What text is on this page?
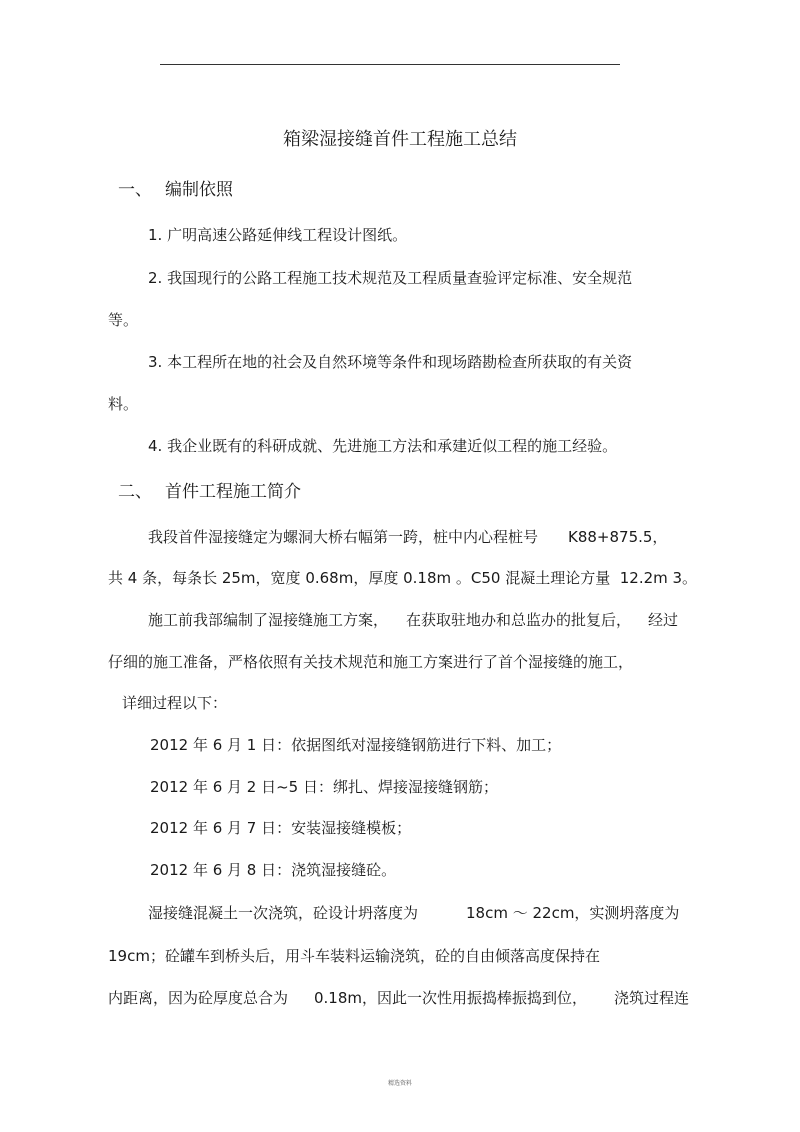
箱梁湿接缝首件工程施工总结
一、 编制依照
1. 广明高速公路延伸线工程设计图纸。
2. 我国现行的公路工程施工技术规范及工程质量查验评定标准、安全规范
等。
3. 本工程所在地的社会及自然环境等条件和现场踏勘检查所获取的有关资
料。
4. 我企业既有的科研成就、先进施工方法和承建近似工程的施工经验。
二、 首件工程施工简介
我段首件湿接缝定为螺洞大桥右幅第一跨，桩中内心程桩号 K88+875.5，
共 4 条，每条长 25m，宽度 0.68m，厚度 0.18m 。C50 混凝土理论方量  12.2m 3。
施工前我部编制了湿接缝施工方案， 在获取驻地办和总监办的批复后， 经过
仔细的施工准备，严格依照有关技术规范和施工方案进行了首个湿接缝的施工，
详细过程以下：
2012 年 6 月 1 日：依据图纸对湿接缝钢筋进行下料、加工；
2012 年 6 月 2 日~5 日：绑扎、焊接湿接缝钢筋；
2012 年 6 月 7 日：安装湿接缝模板；
2012 年 6 月 8 日：浇筑湿接缝砼。
湿接缝混凝土一次浇筑，砼设计坍落度为	18cm ～ 22cm，实测坍落度为
19cm；砼罐车到桥头后，用斗车装料运输浇筑，砼的自由倾落高度保持在
内距离，因为砼厚度总合为 0.18m，因此一次性用振捣棒振捣到位， 浇筑过程连
精选资料
